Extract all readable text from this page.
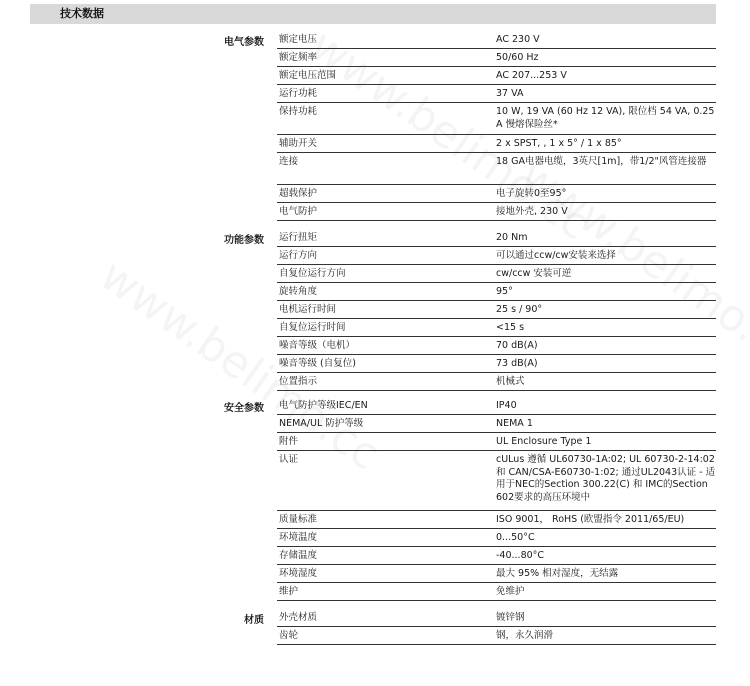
技术数据
电气参数 额定电压	AC 230 V
额定频率	50/60 Hz
额定电压范围	AC 207...253 V
运行功耗	37 VA
保持功耗	10 W, 19 VA (60 Hz 12 VA), 限位档 54 VA, 0.25 A 慢熔保险丝*
辅助开关	2 x SPST, , 1 x 5° / 1 x 85°
连接	18 GA电器电缆，3英尺[1m]，带1/2"风管连接器
超载保护	电子旋转0至95°
电气防护	接地外壳, 230 V
功能参数 运行扭矩	20 Nm
运行方向	可以通过ccw/cw安装来选择
自复位运行方向	cw/ccw 安装可逆
旋转角度	95°
电机运行时间	25 s / 90°
自复位运行时间	<15 s
噪音等级（电机）	70 dB(A)
噪音等级 (自复位)	73 dB(A)
位置指示	机械式
安全参数 电气防护等级IEC/EN	IP40
NEMA/UL 防护等级	NEMA 1
附件	UL Enclosure Type 1
认证	cULus 遵循 UL60730-1A:02; UL 60730-2-14:02 和 CAN/CSA-E60730-1:02; 通过UL2043认证 - 适用于NEC的Section 300.22(C) 和 IMC的Section 602要求的高压环境中
质量标准	ISO 9001， RoHS (欧盟指令 2011/65/EU)
环境温度	0...50°C
存储温度	-40...80°C
环境湿度	最大 95% 相对湿度，无结露
维护	免维护
材质 外壳材质	镀锌钢
齿轮	钢，永久润滑
